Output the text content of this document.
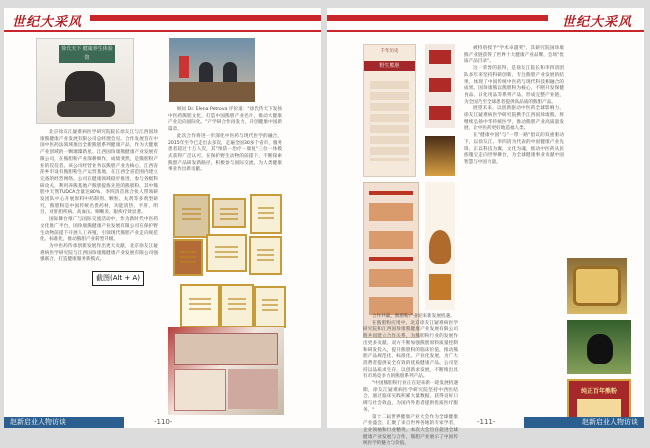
世纪大采风
徐氏天下 健康养生体验馆

北京徐友江疑难病医学研究院院长徐友江与江西国珍康熊健康产业发展有限公司总经理会见。合作发展旨在中国中医药法领域推出全新熊胆系列健康产品，作为大健康产业创域的一颗璀璨新星。江西国珍康熊健康产业发展有限公司，在熊胆粉产业深耕细作，成绩斐然，是熊胆粉产业的佼佼者。该公司经营业务以熊胆产业为核心，江西省萍乡市设有熊胆粉生产运营基地，在江西全省范围内建立完备的经营网络。公司在健康领域稳步推进，参与各级科研攻关，利用养熊基地产熊胆提炼先进的熊胆粉。其中熊胆中天然TUDCA含量达80%，李四清首席合伙人带领研发团队中心开展原料中药制剂、颗粒、丸剂等多剂型研究，熊胆粉是中国传统名贵药材，功能清热、平肝、明目，对肝胆疾病、高血压、咽喉炎、眼疾疗效显著。

国际舞台推广与国际交流活动中，作为新时代中医药文化推广平台，国珍康熊健康产业发展有限公司在保护野生动物前提下开展人工养殖，引领现代熊胆产业走向规范化、标准化，推动熊胆产业转型升级。

为中医药传承创新发展作出更大贡献，北京徐友江疑难病医学研究院与江西国珍康熊健康产业发展有限公司强强联合，打造健康服务新模式。

顾问 Dr. Elena Petrova 评价道："徐氏传天下发扬中医药熊胆文化，打造中国熊胆产业名片，推动大健康产业迈向国际化。"产学研合作再发力，开创健康中国新篇章。

此次合作将进一步深化中医药与现代医学的融合，2015年至今已走出去多次，走遍全国30多个省市，服务患者超过十万人次，其"预防－治疗－康复"三位一体模式获得广泛认可。在保护野生动物的前提下，不断探索熊胆产品研发新路径，积极参与国际交流，为人类健康事业作出新贡献。

截图(Alt + A)
赵新启业人物访谈	-110-
世纪大采风
千年历史
野生熊胆

合作共赢，熊胆粉产业迎来新发展机遇。

在熊胆粉应用中，北京徐友江疑难病医学研究院和江西国珍康熊健康产业发展有限公司将共同建立合作关系，为熊胆粉行业的发展作出更多贡献。双方不断加强熊胆原料质量控制和研发投入，提升熊胆粉的临床价值，推动熊胆产品规范化、标准化、产业化发展，为广大消费者提供安全有效的优质健康产品。公司坚持以品质求生存，以创新求发展，不断推出具有市场竞争力的熊胆系列产品。

"中国熊胆粉行业正在迎来新一轮发展机遇期，徐友江疑难病医学研究院坚持中西医结合，通过临床实践积累大量数据，获得良好口碑与社会效益，为国内外患者提供优质医疗服务。"

第十二届世界健康产业大会作为全球健康产业盛会，汇聚了来自世界各地的专家学者，企业领袖和行业精英。本次大会旨在促进全球健康产业发展与合作，熊胆产业展示了中国传统医学的魅力与价值。

被特别授予"学术卓越奖"，其研究院国珍康熊产业链获得了世界十大健康产业品牌，会场"优质产品目录"。

这一荣誉的获得，是徐友江院长和李四清团队多年来坚持科研创新、专注熊胆产业发展的结果，体现了中国传统中医药与现代科技相融合的成果。国珍康熊以熊胆粉为核心，不断开发保健食品、日化用品等系列产品，形成完整产业链，为全国乃至全球患者提供高品质的熊胆产品。

展望未来，以创新驱动中医药全球影响力，徐友江疑难病医学研究院携手江西国珍康熊，将继续弘扬中华传统医学，推动熊胆产业高质量发展，让中医药更好地造福人类。

在"健康中国"与"一带一路"倡议的双重驱动下，以徐友江、李四清为代表的中国健康产业先锋，正以科技为翼，文化为魂，推动中医药从民族瑰宝走向世界舞台，为全球健康事业贡献中国智慧与中国力量。

纯正百年熊粉
-111-	赵新启业人物访谈
